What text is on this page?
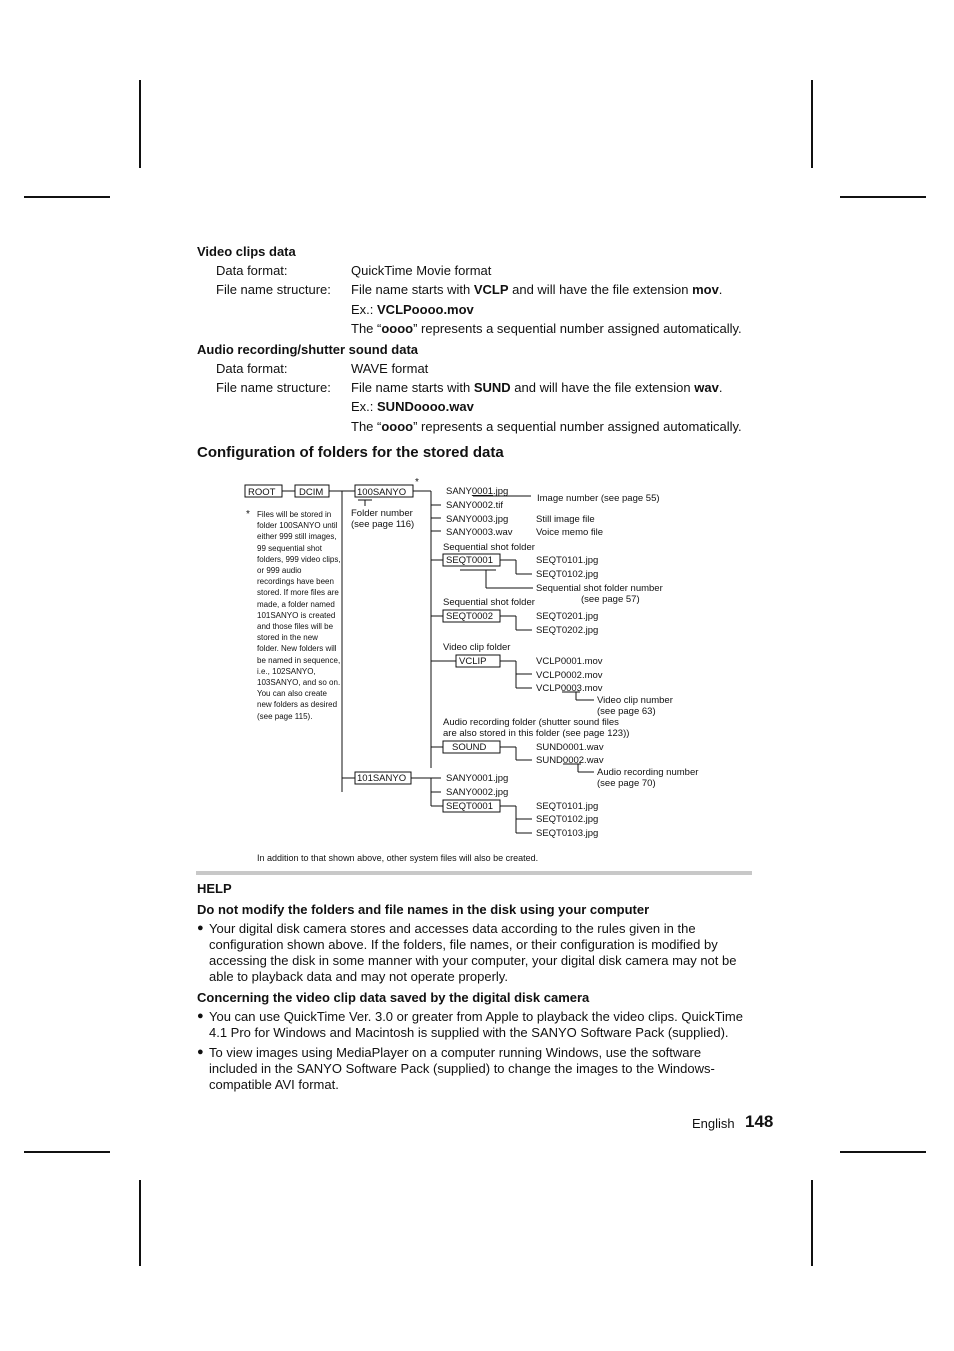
Video clips data
Data format:	QuickTime Movie format
File name structure: File name starts with VCLP and will have the file extension mov.
Ex.: VCLPoooo.mov
The “oooo” represents a sequential number assigned automatically.
Audio recording/shutter sound data
Data format:	WAVE format
File name structure: File name starts with SUND and will have the file extension wav.
Ex.: SUNDoooo.wav
The “oooo” represents a sequential number assigned automatically.
Configuration of folders for the stored data
ROOT DCIM	100SANYO
101SANYO
Folder number
(see page 116)
SANY0001.jpg
SANY0002.tif
SANY0003.jpg
SANY0003.wav
Image number (see page 55)
Still image file
Voice memo file
Sequential shot folder
SEQT0001	SEQT0101.jpg
SEQT0102.jpg
Sequential shot folder number
(see page 57)
Sequential shot folder
SEQT0002	SEQT0201.jpg
SEQT0202.jpg
Video clip folder
VCLIP	VCLP0001.mov
VCLP0002.mov
VCLP0003.mov
Video clip number
(see page 63)
Audio recording folder (shutter sound files
are also stored in this folder (see page 123))
SOUND	SUND0001.wav
SUND0002.wav
Audio recording number
(see page 70)
SANY0001.jpg
SANY0002.jpg
SEQT0001	SEQT0101.jpg
SEQT0102.jpg
SEQT0103.jpg
In addition to that shown above, other system files will also be created.
*
* Files will be stored in folder 100SANYO until either 999 still images, 99 sequential shot folders, 999 video clips, or 999 audio recordings have been stored. If more files are made, a folder named 101SANYO is created and those files will be stored in the new folder. New folders will be named in sequence, i.e., 102SANYO, 103SANYO, and so on. You can also create new folders as desired (see page 115).
HELP
Do not modify the folders and file names in the disk using your computer
● Your digital disk camera stores and accesses data according to the rules given in the configuration shown above. If the folders, file names, or their configuration is modified by accessing the disk in some manner with your computer, your digital disk camera may not be able to playback data and may not operate properly.
Concerning the video clip data saved by the digital disk camera
● You can use QuickTime Ver. 3.0 or greater from Apple to playback the video clips. QuickTime 4.1 Pro for Windows and Macintosh is supplied with the SANYO Software Pack (supplied).
● To view images using MediaPlayer on a computer running Windows, use the software included in the SANYO Software Pack (supplied) to change the images to the Windows-compatible AVI format.
English 148
